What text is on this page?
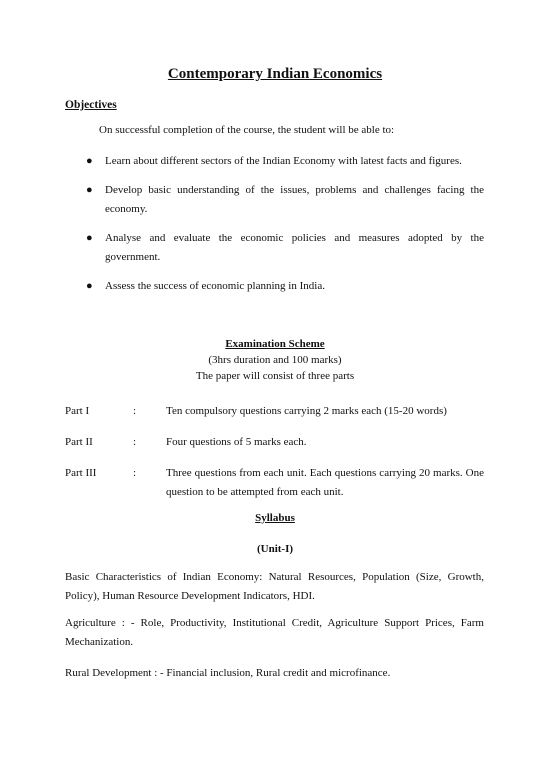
Contemporary Indian Economics
Objectives
On successful completion of the course, the student will be able to:
● Learn about different sectors of the Indian Economy with latest facts and figures.
● Develop basic understanding of the issues, problems and challenges facing the economy.
● Analyse and evaluate the economic policies and measures adopted by the government.
● Assess the success of economic planning in India.
Examination Scheme
(3hrs duration and 100 marks)
The paper will consist of three parts
Part I	:	Ten compulsory questions carrying 2 marks each (15-20 words)
Part II	:	Four questions of 5 marks each.
Part III	:	Three questions from each unit. Each questions carrying 20 marks. One question to be attempted from each unit.
Syllabus
(Unit-I)
Basic Characteristics of Indian Economy: Natural Resources, Population (Size, Growth, Policy), Human Resource Development Indicators, HDI.
Agriculture : - Role, Productivity, Institutional Credit, Agriculture Support Prices, Farm Mechanization.
Rural Development : - Financial inclusion, Rural credit and microfinance.
